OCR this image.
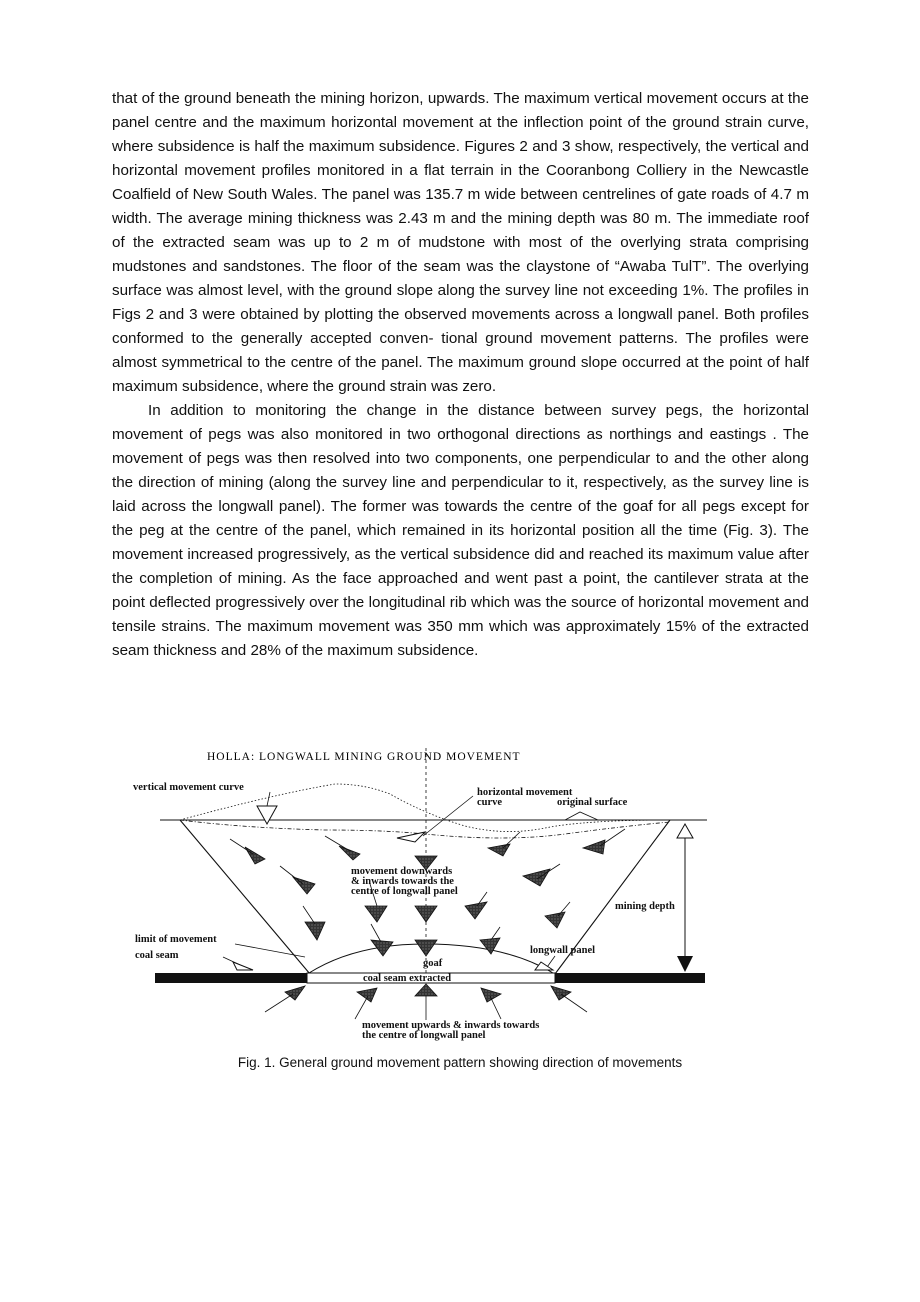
that of the ground beneath the mining horizon, upwards. The maximum vertical movement occurs at the panel centre and the maximum horizontal movement at the inflection point of the ground strain curve, where subsidence is half the maximum subsidence. Figures 2 and 3 show, respectively, the vertical and horizontal movement profiles monitored in a flat terrain in the Cooranbong Colliery in the Newcastle Coalfield of New South Wales. The panel was 135.7 m wide between centrelines of gate roads of 4.7 m width. The average mining thickness was 2.43 m and the mining depth was 80 m. The immediate roof of the extracted seam was up to 2 m of mudstone with most of the overlying strata comprising mudstones and sandstones. The floor of the seam was the claystone of “Awaba TulT”. The overlying surface was almost level, with the ground slope along the survey line not exceeding 1%. The profiles in Figs 2 and 3 were obtained by plotting the observed movements across a longwall panel. Both profiles conformed to the generally accepted conven- tional ground movement patterns. The profiles were almost symmetrical to the centre of the panel. The maximum ground slope occurred at the point of half maximum subsidence, where the ground strain was zero.

In addition to monitoring the change in the distance between survey pegs, the horizontal movement of pegs was also monitored in two orthogonal directions as northings and eastings . The movement of pegs was then resolved into two components, one perpendicular to and the other along the direction of mining (along the survey line and perpendicular to it, respectively, as the survey line is laid across the longwall panel). The former was towards the centre of the goaf for all pegs except for the peg at the centre of the panel, which remained in its horizontal position all the time (Fig. 3). The movement increased progressively, as the vertical subsidence did and reached its maximum value after the completion of mining. As the face approached and went past a point, the cantilever strata at the point deflected progressively over the longitudinal rib which was the source of horizontal movement and tensile strains. The maximum movement was 350 mm which was approximately 15% of the extracted seam thickness and 28% of the maximum subsidence.

HOLLA: LONGWALL MINING GROUND MOVEMENT
coal seam extracted
goaf
mining depth
vertical movement curve	horizontal movement
curve	original surface
movement downwards
& inwards towards the
centre of longwall panel
limit of movement
coal seam	longwall panel
movement upwards & inwards towards
the centre of longwall panel
Fig. 1. General ground movement pattern showing direction of movements
